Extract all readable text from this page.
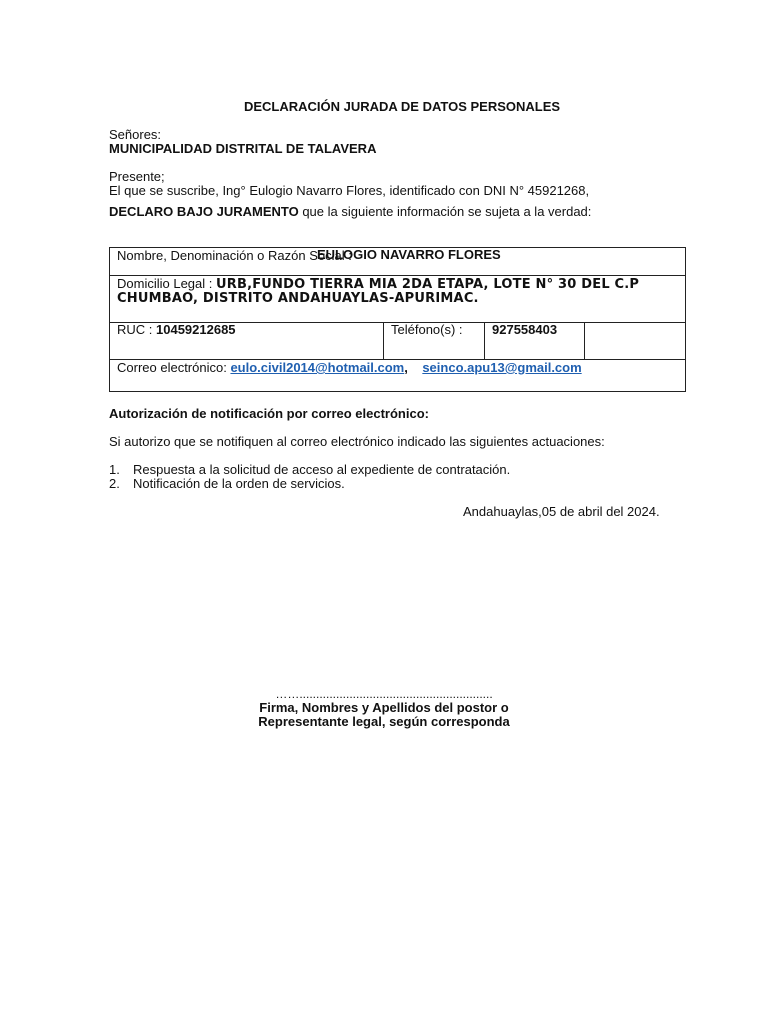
DECLARACIÓN JURADA DE DATOS PERSONALES
Señores:
MUNICIPALIDAD DISTRITAL DE TALAVERA
Presente;
El que se suscribe, Ing° Eulogio Navarro Flores, identificado con DNI N° 45921268,
DECLARO BAJO JURAMENTO que la siguiente información se sujeta a la verdad:
Nombre, Denominación o Razón Social :
EULOGIO NAVARRO FLORES
Domicilio Legal : URB,FUNDO TIERRA MIA 2DA ETAPA, LOTE N° 30 DEL C.P
CHUMBAO, DISTRITO ANDAHUAYLAS-APURIMAC.
RUC : 10459212685	Teléfono(s) : 927558403
Correo electrónico: eulo.civil2014@hotmail.com, seinco.apu13@gmail.com
Autorización de notificación por correo electrónico:
Si autorizo que se notifiquen al correo electrónico indicado las siguientes actuaciones:
1. Respuesta a la solicitud de acceso al expediente de contratación.
2. Notificación de la orden de servicios.
Andahuaylas,05 de abril del 2024.
……..........................................................
Firma, Nombres y Apellidos del postor o
Representante legal, según corresponda
